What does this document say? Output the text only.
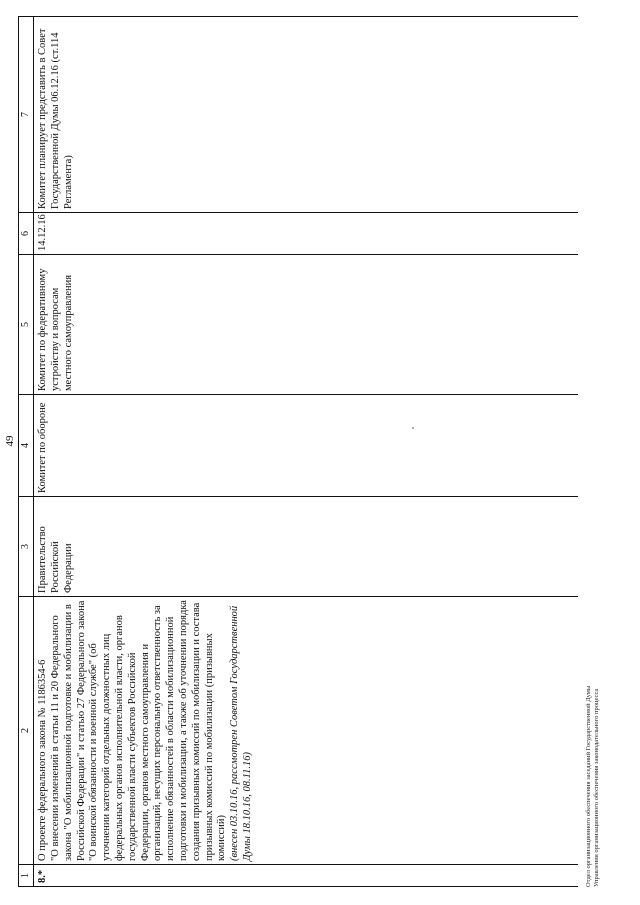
49
1	2	3	4	5	6	7
8.*	О проекте федерального закона № 1186354-6 "О внесении изменений в статьи 11 и 20 Федерального закона "О мобилизационной подготовке и мобилизации в Российской Федерации" и статью 27 Федерального закона "О воинской обязанности и военной службе" (об уточнении категорий отдельных должностных лиц федеральных органов исполнительной власти, органов государственной власти субъектов Российской Федерации, органов местного самоуправления и организаций, несущих персональную ответственность за исполнение обязанностей в области мобилизационной подготовки и мобилизации, а также об уточнении порядка создания призывных комиссий по мобилизации и состава призывных комиссий по мобилизации (призывных комиссий) (внесен 03.10.16, рассмотрен Советом Государственной Думы 18.10.16, 08.11.16)	Правительство Российской Федерации	Комитет по обороне	Комитет по федеративному устройству и вопросам местного самоуправления	14.12.16	Комитет планирует представить в Совет Государственной Думы 06.12.16 (ст.114 Регламента)
Отдел организационного обеспечения заседаний Государственной Думы Управления организационного обеспечения законодательного процесса
